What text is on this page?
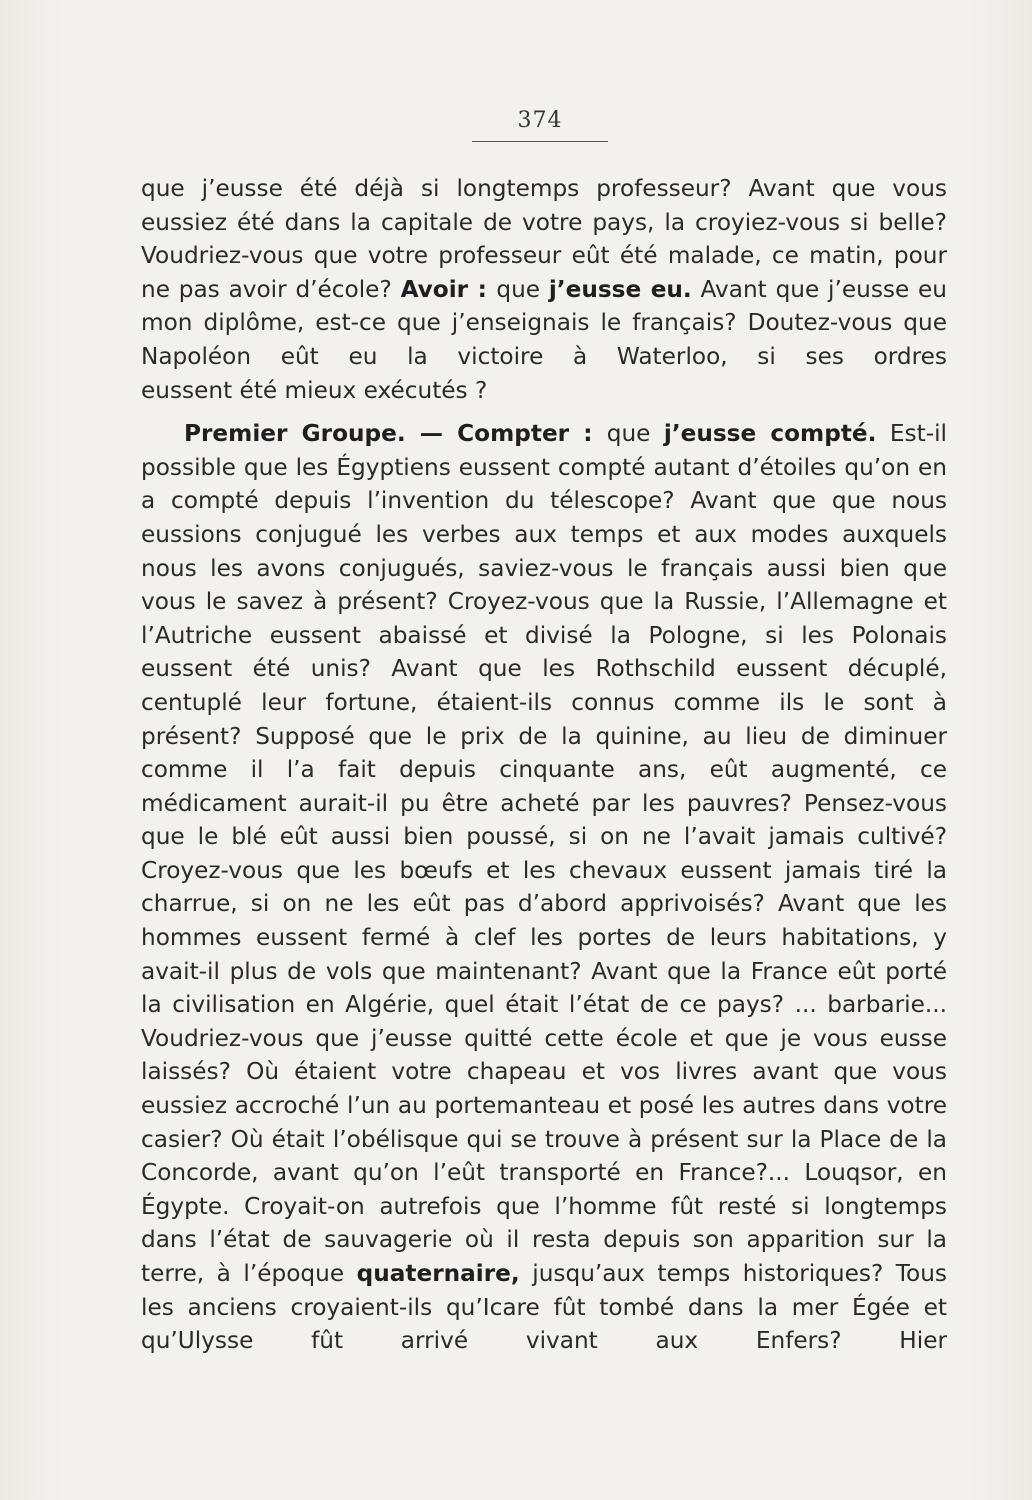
374

que j’eusse été déjà si longtemps professeur? Avant que vous eussiez été dans la capitale de votre pays, la croyiez-vous si belle? Voudriez-vous que votre professeur eût été malade, ce matin, pour ne pas avoir d’école? Avoir : que j’eusse eu. Avant que j’eusse eu mon diplôme, est-ce que j’enseignais le français? Doutez-vous que Napoléon eût eu la victoire à Waterloo, si ses ordres
eussent été mieux exécutés ?

Premier Groupe. — Compter : que j’eusse compté. Est-il possible que les Égyptiens eussent compté autant d’étoiles qu’on en a compté depuis l’invention du télescope? Avant que que nous eussions conjugué les verbes aux temps et aux modes auxquels nous les avons conjugués, saviez-vous le français aussi bien que vous le savez à présent? Croyez-vous que la Russie, l’Allemagne et l’Autriche eussent abaissé et divisé la Pologne, si les Polonais eussent été unis? Avant que les Rothschild eussent décuplé, centuplé leur fortune, étaient-ils connus comme ils le sont à présent? Supposé que le prix de la quinine, au lieu de diminuer comme il l’a fait depuis cinquante ans, eût augmenté, ce médicament aurait-il pu être acheté par les pauvres? Pensez-vous que le blé eût aussi bien poussé, si on ne l’avait jamais cultivé? Croyez-vous que les bœufs et les chevaux eussent jamais tiré la charrue, si on ne les eût pas d’abord apprivoisés? Avant que les hommes eussent fermé à clef les portes de leurs habitations, y avait-il plus de vols que maintenant? Avant que la France eût porté la civilisation en Algérie, quel était l’état de ce pays? ... barbarie... Voudriez-vous que j’eusse quitté cette école et que je vous eusse laissés? Où étaient votre chapeau et vos livres avant que vous eussiez accroché l’un au portemanteau et posé les autres dans votre casier? Où était l’obélisque qui se trouve à présent sur la Place de la Concorde, avant qu’on l’eût transporté en France?... Louqsor, en Égypte. Croyait-on autrefois que l’homme fût resté si longtemps dans l’état de sauvagerie où il resta depuis son apparition sur la terre, à l’époque quaternaire, jusqu’aux temps historiques? Tous les anciens croyaient-ils qu’Icare fût tombé dans la mer Égée et qu’Ulysse fût arrivé vivant aux Enfers? Hier
